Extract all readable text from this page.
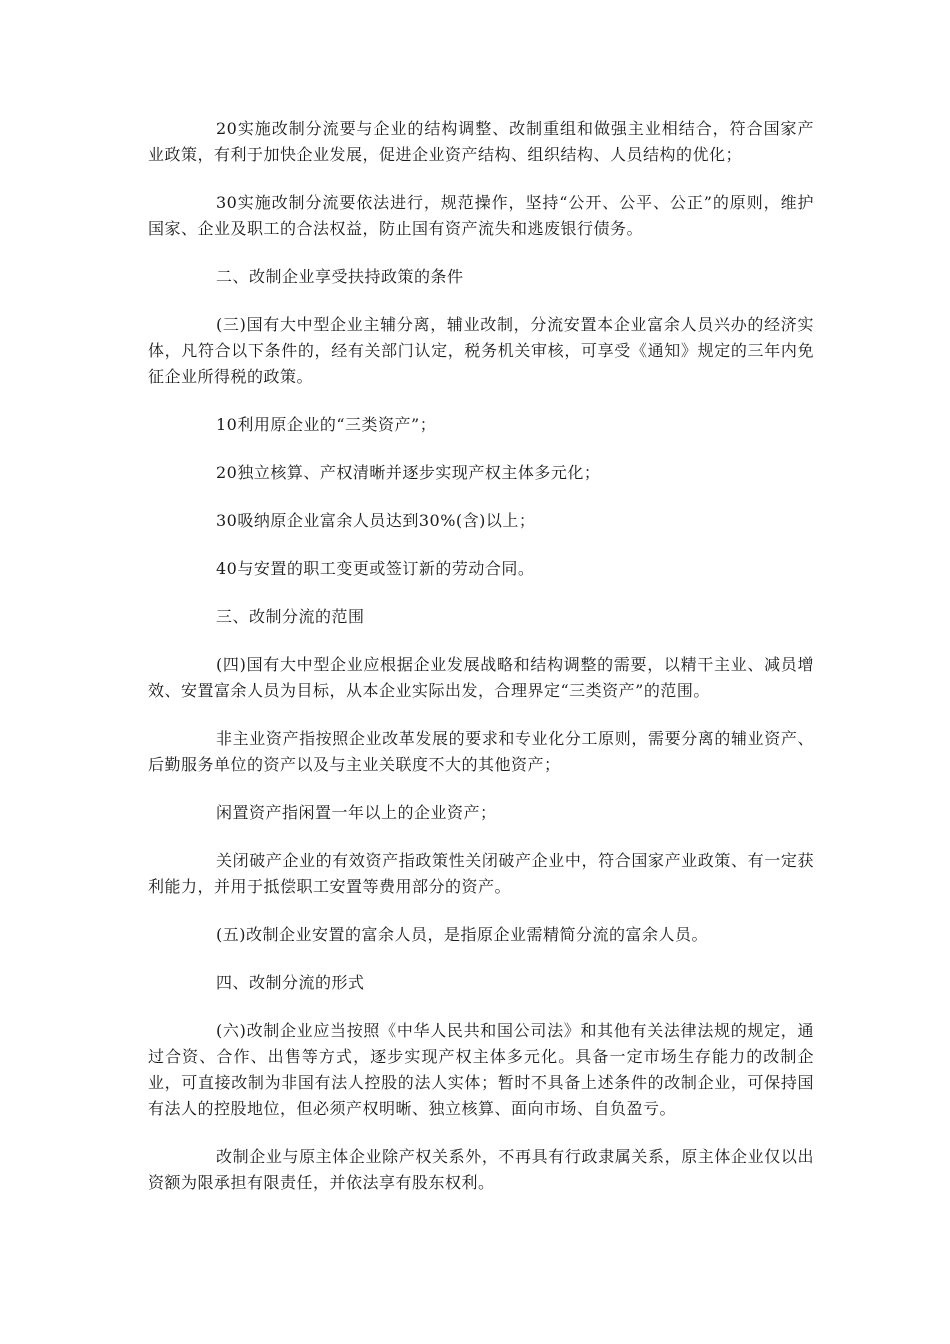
20实施改制分流要与企业的结构调整、改制重组和做强主业相结合，符合国家产业政策，有利于加快企业发展，促进企业资产结构、组织结构、人员结构的优化；

30实施改制分流要依法进行，规范操作，坚持“公开、公平、公正”的原则，维护国家、企业及职工的合法权益，防止国有资产流失和逃废银行债务。

二、改制企业享受扶持政策的条件

(三)国有大中型企业主辅分离，辅业改制，分流安置本企业富余人员兴办的经济实体，凡符合以下条件的，经有关部门认定，税务机关审核，可享受《通知》规定的三年内免征企业所得税的政策。

10利用原企业的“三类资产”；

20独立核算、产权清晰并逐步实现产权主体多元化；

30吸纳原企业富余人员达到30%(含)以上；

40与安置的职工变更或签订新的劳动合同。

三、改制分流的范围

(四)国有大中型企业应根据企业发展战略和结构调整的需要，以精干主业、减员增效、安置富余人员为目标，从本企业实际出发，合理界定“三类资产”的范围。

非主业资产指按照企业改革发展的要求和专业化分工原则，需要分离的辅业资产、后勤服务单位的资产以及与主业关联度不大的其他资产；

闲置资产指闲置一年以上的企业资产；

关闭破产企业的有效资产指政策性关闭破产企业中，符合国家产业政策、有一定获利能力，并用于抵偿职工安置等费用部分的资产。

(五)改制企业安置的富余人员，是指原企业需精简分流的富余人员。

四、改制分流的形式

(六)改制企业应当按照《中华人民共和国公司法》和其他有关法律法规的规定，通过合资、合作、出售等方式，逐步实现产权主体多元化。具备一定市场生存能力的改制企业，可直接改制为非国有法人控股的法人实体；暂时不具备上述条件的改制企业，可保持国有法人的控股地位，但必须产权明晰、独立核算、面向市场、自负盈亏。

改制企业与原主体企业除产权关系外，不再具有行政隶属关系，原主体企业仅以出资额为限承担有限责任，并依法享有股东权利。
